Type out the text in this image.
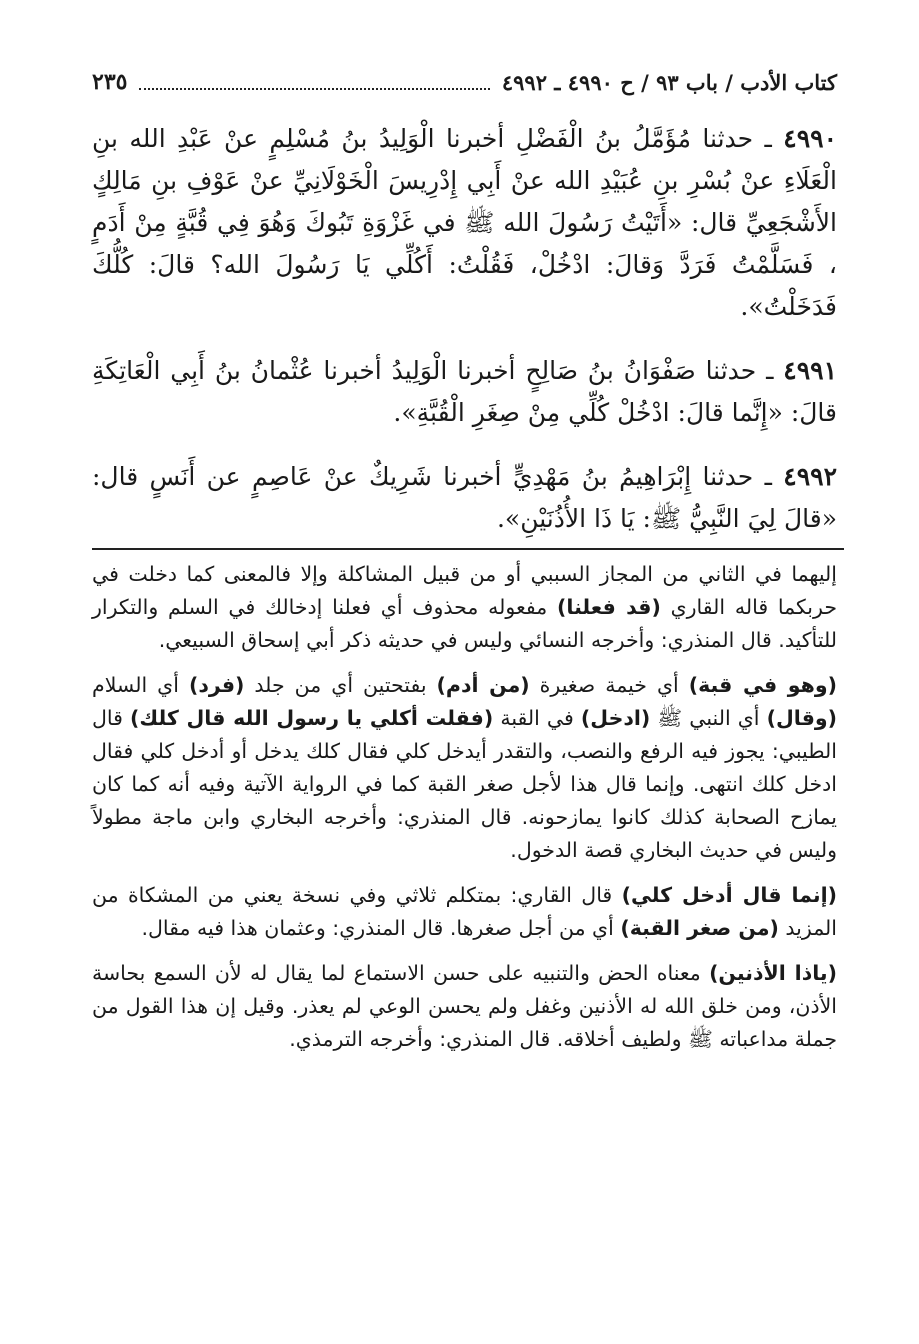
كتاب الأدب / باب ٩٣ / ح ٤٩٩٠ ـ ٤٩٩٢
٢٣٥

٤٩٩٠ ـ حدثنا مُؤَمَّلُ بنُ الْفَضْلِ أخبرنا الْوَلِيدُ بنُ مُسْلِمٍ عنْ عَبْدِ الله بنِ الْعَلَاءِ عنْ بُسْرِ بنِ عُبَيْدِ الله عنْ أَبِي إِدْرِيسَ الْخَوْلَانِيِّ عنْ عَوْفِ بنِ مَالِكٍ الأَشْجَعِيِّ قال: «أَتَيْتُ رَسُولَ الله ﷺ في غَزْوَةِ تَبُوكَ وَهُوَ فِي قُبَّةٍ مِنْ أَدَمٍ ، فَسَلَّمْتُ فَرَدَّ وَقالَ: ادْخُلْ، فَقُلْتُ: أَكُلِّي يَا رَسُولَ الله؟ قالَ: كُلُّكَ فَدَخَلْتُ».

٤٩٩١ ـ حدثنا صَفْوَانُ بنُ صَالِحٍ أخبرنا الْوَلِيدُ أخبرنا عُثْمانُ بنُ أَبِي الْعَاتِكَةِ قالَ: «إِنَّما قالَ: ادْخُلْ كُلِّي مِنْ صِغَرِ الْقُبَّةِ».

٤٩٩٢ ـ حدثنا إِبْرَاهِيمُ بنُ مَهْدِيٍّ أخبرنا شَرِيكٌ عنْ عَاصِمٍ عن أَنَسٍ قال: «قالَ لِيَ النَّبِيُّ ﷺ: يَا ذَا الأُذُنَيْنِ».

إليهما في الثاني من المجاز السببي أو من قبيل المشاكلة وإلا فالمعنى كما دخلت في حربكما قاله القاري (قد فعلنا) مفعوله محذوف أي فعلنا إدخالك في السلم والتكرار للتأكيد. قال المنذري: وأخرجه النسائي وليس في حديثه ذكر أبي إسحاق السبيعي.

(وهو في قبة) أي خيمة صغيرة (من أدم) بفتحتين أي من جلد (فرد) أي السلام (وقال) أي النبي ﷺ (ادخل) في القبة (فقلت أكلي يا رسول الله قال كلك) قال الطيبي: يجوز فيه الرفع والنصب، والتقدر أيدخل كلي فقال كلك يدخل أو أدخل كلي فقال ادخل كلك انتهى. وإنما قال هذا لأجل صغر القبة كما في الرواية الآتية وفيه أنه كما كان يمازح الصحابة كذلك كانوا يمازحونه. قال المنذري: وأخرجه البخاري وابن ماجة مطولاً وليس في حديث البخاري قصة الدخول.

(إنما قال أدخل كلي) قال القاري: بمتكلم ثلاثي وفي نسخة يعني من المشكاة من المزيد (من صغر القبة) أي من أجل صغرها. قال المنذري: وعثمان هذا فيه مقال.

(ياذا الأذنين) معناه الحض والتنبيه على حسن الاستماع لما يقال له لأن السمع بحاسة الأذن، ومن خلق الله له الأذنين وغفل ولم يحسن الوعي لم يعذر. وقيل إن هذا القول من جملة مداعباته ﷺ ولطيف أخلاقه. قال المنذري: وأخرجه الترمذي.
